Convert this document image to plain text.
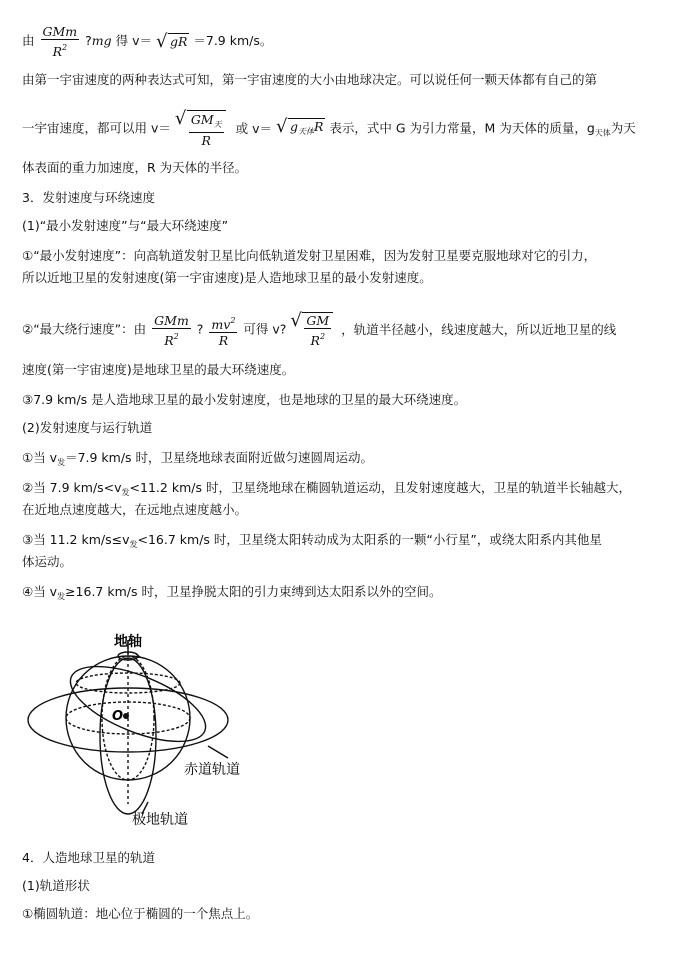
由 $\frac{\text{GMm}}{R^2}$ ?mg 得 v＝ √ gR ＝7.9 km/s。
由第一宇宙速度的两种表达式可知，第一宇宙速度的大小由地球决定。可以说任何一颗天体都有自己的第
一宇宙速度，都可以用 v＝ √ $\frac{GM_天}{R}$ 或 v＝ √ $g_{天体}R$ 表示，式中 G 为引力常量，M 为天体的质量，$g_{天体}$为天
体表面的重力加速度，R 为天体的半径。
3．发射速度与环绕速度
(1)“最小发射速度”与“最大环绕速度”
①“最小发射速度”：向高轨道发射卫星比向低轨道发射卫星困难，因为发射卫星要克服地球对它的引力，
所以近地卫星的发射速度(第一宇宙速度)是人造地球卫星的最小发射速度。
②“最大绕行速度”：由 $\frac{\text{GMm}}{R^2}$ ? $\frac{mv^2}{R}$ 可得 v? √ $\frac{GM}{R^2}$ ，轨道半径越小，线速度越大，所以近地卫星的线
速度(第一宇宙速度)是地球卫星的最大环绕速度。
③7.9 km/s 是人造地球卫星的最小发射速度，也是地球的卫星的最大环绕速度。
(2)发射速度与运行轨道
①当 $v_发=7.9$ km/s 时，卫星绕地球表面附近做匀速圆周运动。
②当 7.9 $km/s<v_发<11.2$ km/s 时，卫星绕地球在椭圆轨道运动，且发射速度越大，卫星的轨道半长轴越大，
在近地点速度越大，在远地点速度越小。
③当 11.2 $km/s\le v_发<16.7$ km/s 时，卫星绕太阳转动成为太阳系的一颗“小行星”，或绕太阳系内其他星
体运动。
④当 $v_发\ge 16.7$ km/s 时，卫星挣脱太阳的引力束缚到达太阳系以外的空间。
地轴
O
赤道轨道
极地轨道
4．人造地球卫星的轨道
(1)轨道形状
①椭圆轨道：地心位于椭圆的一个焦点上。
